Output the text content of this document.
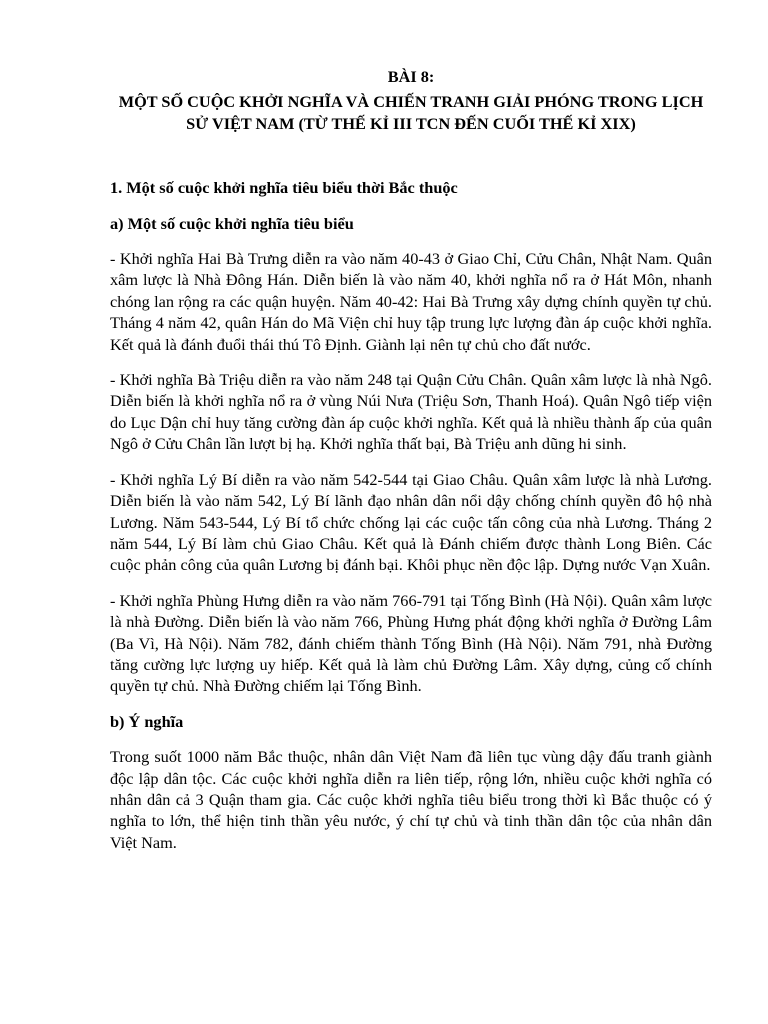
BÀI 8:
MỘT SỐ CUỘC KHỞI NGHĨA VÀ CHIẾN TRANH GIẢI PHÓNG TRONG LỊCH SỬ VIỆT NAM (TỪ THẾ KỈ III TCN ĐẾN CUỐI THẾ KỈ XIX)
1. Một số cuộc khởi nghĩa tiêu biểu thời Bắc thuộc
a) Một số cuộc khởi nghĩa tiêu biểu
- Khởi nghĩa Hai Bà Trưng diễn ra vào năm 40-43 ở Giao Chỉ, Cửu Chân, Nhật Nam. Quân xâm lược là Nhà Đông Hán. Diễn biến là vào năm 40, khởi nghĩa nổ ra ở Hát Môn, nhanh chóng lan rộng ra các quận huyện. Năm 40-42: Hai Bà Trưng xây dựng chính quyền tự chủ. Tháng 4 năm 42, quân Hán do Mã Viện chỉ huy tập trung lực lượng đàn áp cuộc khởi nghĩa. Kết quả là đánh đuổi thái thú Tô Định. Giành lại nên tự chủ cho đất nước.
- Khởi nghĩa Bà Triệu diễn ra vào năm 248 tại Quận Cửu Chân. Quân xâm lược là nhà Ngô. Diễn biến là khởi nghĩa nổ ra ở vùng Núi Nưa (Triệu Sơn, Thanh Hoá). Quân Ngô tiếp viện do Lục Dận chỉ huy tăng cường đàn áp cuộc khởi nghĩa. Kết quả là nhiều thành ấp của quân Ngô ở Cửu Chân lần lượt bị hạ. Khởi nghĩa thất bại, Bà Triệu anh dũng hi sinh.
- Khởi nghĩa Lý Bí diễn ra vào năm 542-544 tại Giao Châu. Quân xâm lược là nhà Lương. Diễn biến là vào năm 542, Lý Bí lãnh đạo nhân dân nổi dậy chống chính quyền đô hộ nhà Lương. Năm 543-544, Lý Bí tổ chức chống lại các cuộc tấn công của nhà Lương. Tháng 2 năm 544, Lý Bí làm chủ Giao Châu. Kết quả là Đánh chiếm được thành Long Biên. Các cuộc phản công của quân Lương bị đánh bại. Khôi phục nền độc lập. Dựng nước Vạn Xuân.
- Khởi nghĩa Phùng Hưng diễn ra vào năm 766-791 tại Tống Bình (Hà Nội). Quân xâm lược là nhà Đường. Diễn biến là vào năm 766, Phùng Hưng phát động khởi nghĩa ở Đường Lâm (Ba Vì, Hà Nội). Năm 782, đánh chiếm thành Tống Bình (Hà Nội). Năm 791, nhà Đường tăng cường lực lượng uy hiếp. Kết quả là làm chủ Đường Lâm. Xây dựng, củng cố chính quyền tự chủ. Nhà Đường chiếm lại Tống Bình.
b) Ý nghĩa
Trong suốt 1000 năm Bắc thuộc, nhân dân Việt Nam đã liên tục vùng dậy đấu tranh giành độc lập dân tộc. Các cuộc khởi nghĩa diễn ra liên tiếp, rộng lớn, nhiều cuộc khởi nghĩa có nhân dân cả 3 Quận tham gia. Các cuộc khởi nghĩa tiêu biểu trong thời kì Bắc thuộc có ý nghĩa to lớn, thể hiện tinh thần yêu nước, ý chí tự chủ và tinh thần dân tộc của nhân dân Việt Nam.
